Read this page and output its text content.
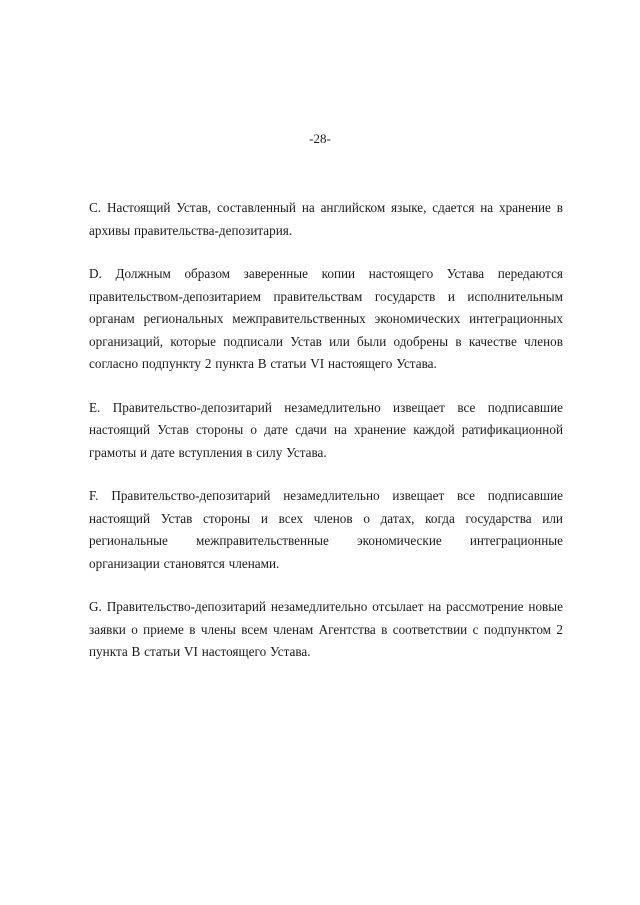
-28-

C. Настоящий Устав, составленный на английском языке, сдается на хранение в архивы правительства-депозитария.

D. Должным образом заверенные копии настоящего Устава передаются правительством-депозитарием правительствам государств и исполнительным органам региональных межправительственных экономических интеграционных организаций, которые подписали Устав или были одобрены в качестве членов согласно подпункту 2 пункта B статьи VI настоящего Устава.

E. Правительство-депозитарий незамедлительно извещает все подписавшие настоящий Устав стороны о дате сдачи на хранение каждой ратификационной грамоты и дате вступления в силу Устава.

F. Правительство-депозитарий незамедлительно извещает все подписавшие настоящий Устав стороны и всех членов о датах, когда государства или региональные межправительственные экономические интеграционные организации становятся членами.

G. Правительство-депозитарий незамедлительно отсылает на рассмотрение новые заявки о приеме в члены всем членам Агентства в соответствии с подпунктом 2 пункта B статьи VI настоящего Устава.
